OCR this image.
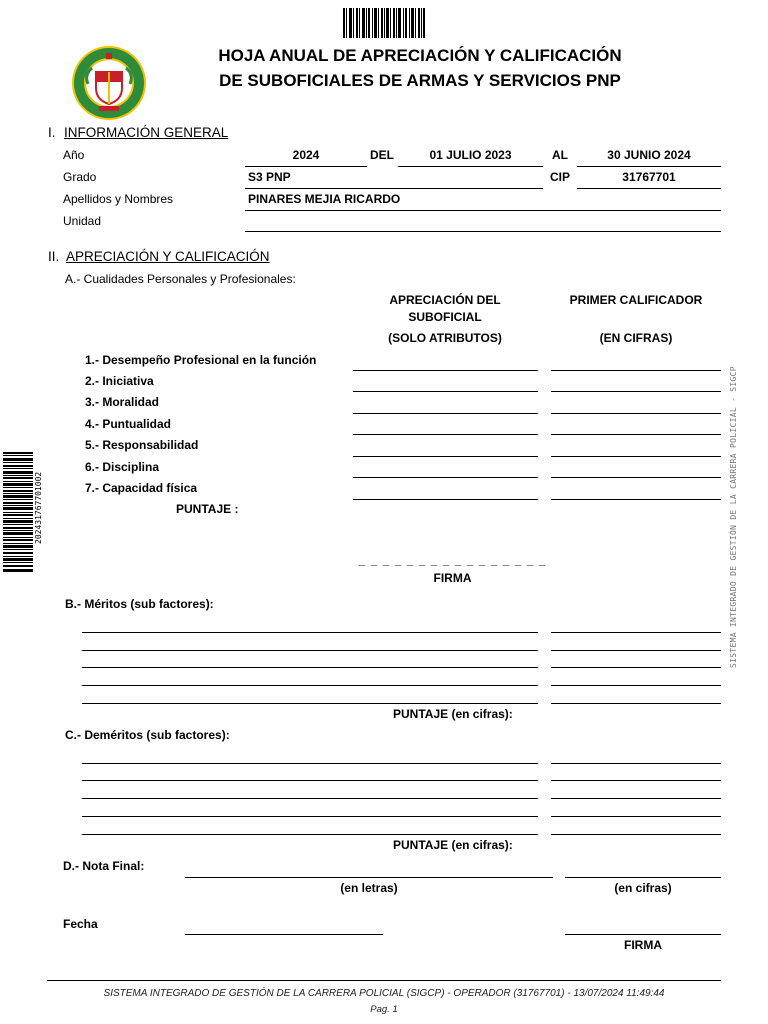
HOJA ANUAL DE APRECIACIÓN Y CALIFICACIÓN
DE SUBOFICIALES DE ARMAS Y SERVICIOS PNP
I. INFORMACIÓN GENERAL
Año	2024	DEL	01 JULIO 2023	AL	30 JUNIO 2024
Grado	S3 PNP	CIP	31767701
Apellidos y Nombres	PINARES MEJIA RICARDO
Unidad
II. APRECIACIÓN Y CALIFICACIÓN
A.- Cualidades Personales y Profesionales:
APRECIACIÓN DEL
SUBOFICIAL
(SOLO ATRIBUTOS)
PRIMER CALIFICADOR
(EN CIFRAS)
1.- Desempeño Profesional en la función
2.- Iniciativa
3.- Moralidad
4.- Puntualidad
5.- Responsabilidad
6.- Disciplina
7.- Capacidad física
PUNTAJE :
_ _ _ _ _ _ _ _ _ _ _ _ _ _ _ _
FIRMA
B.- Méritos (sub factores):
PUNTAJE (en cifras):
C.- Deméritos (sub factores):
PUNTAJE (en cifras):
D.- Nota Final:
(en letras)	(en cifras)
Fecha
FIRMA
SISTEMA INTEGRADO DE GESTIÓN DE LA CARRERA POLICIAL (SIGCP) - OPERADOR (31767701) - 13/07/2024 11:49:44
Pag. 1
202431767701002	SISTEMA INTEGRADO DE GESTIÓN DE LA CARRERA POLICIAL - SIGCP
